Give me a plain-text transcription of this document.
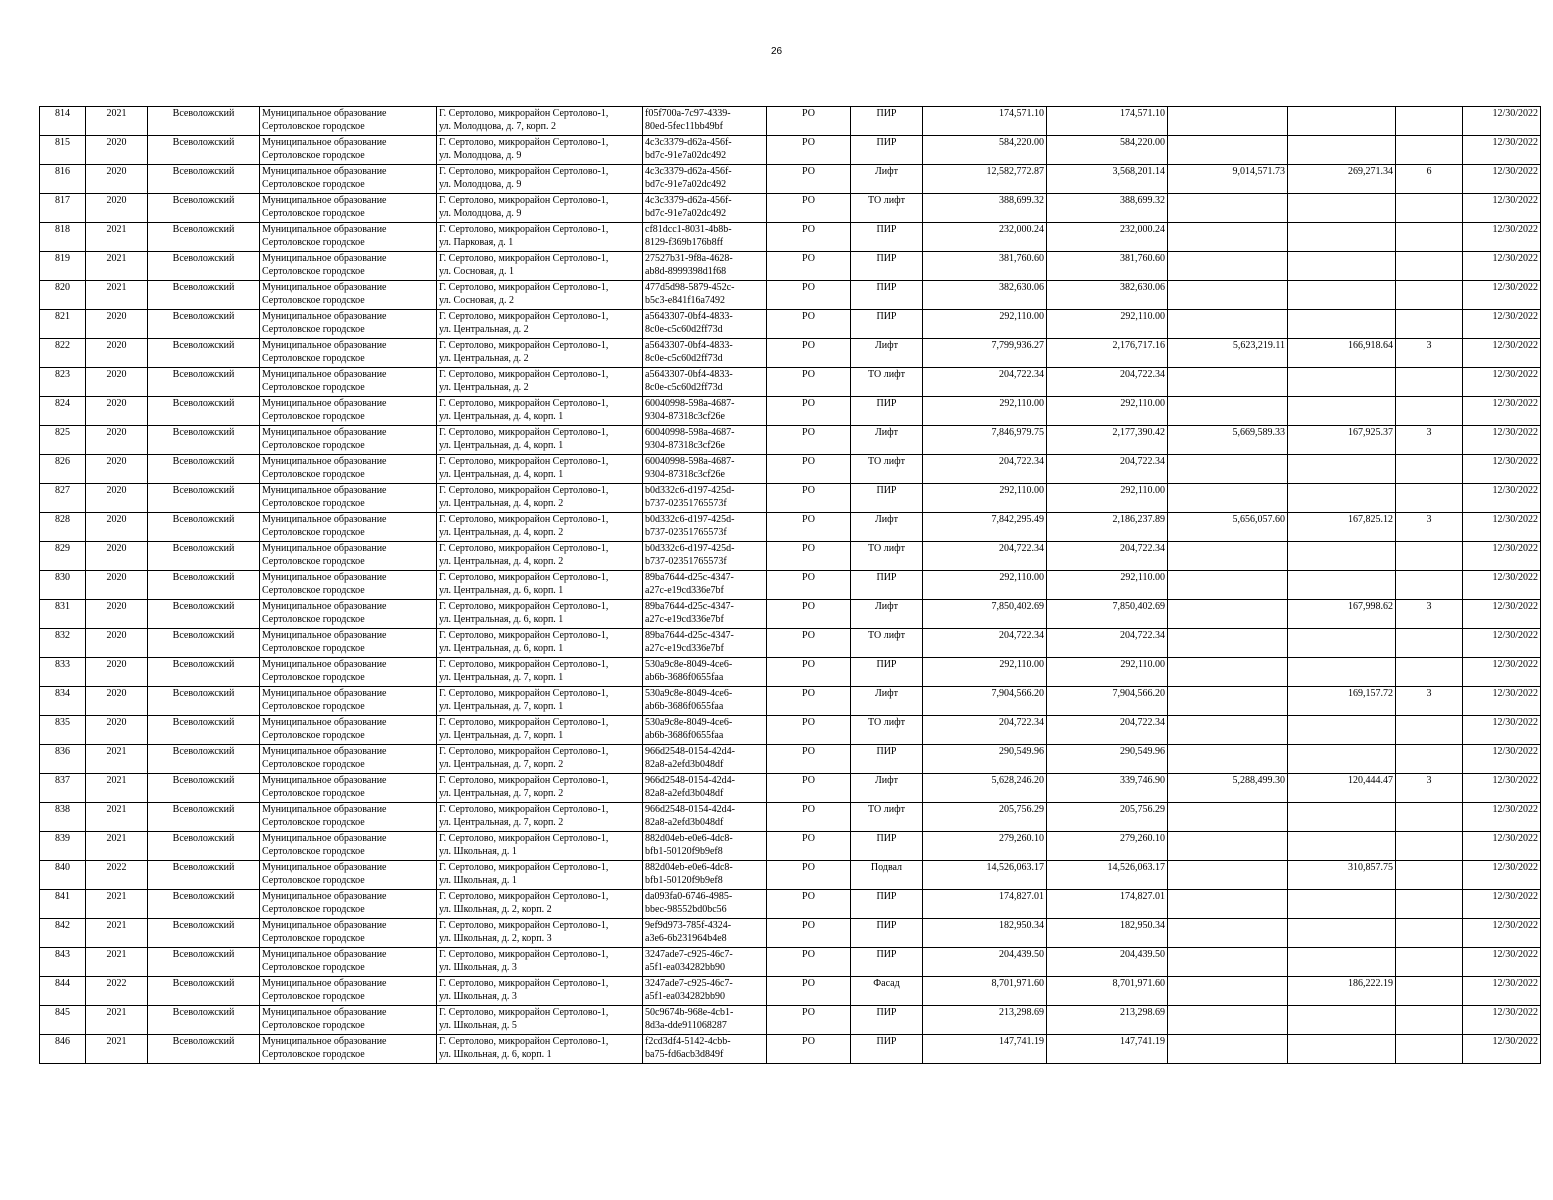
26
814	2021	Всеволожский	Муниципальное образование
Сертоловское городское	Г. Сертолово, микрорайон Сертолово-1,
ул. Молодцова, д. 7, корп. 2	f05f700a-7c97-4339-
80ed-5fec11bb49bf	РО	ПИР	174,571.10	174,571.10				12/30/2022
815	2020	Всеволожский	Муниципальное образование
Сертоловское городское	Г. Сертолово, микрорайон Сертолово-1,
ул. Молодцова, д. 9	4c3c3379-d62a-456f-
bd7c-91e7a02dc492	РО	ПИР	584,220.00	584,220.00				12/30/2022
816	2020	Всеволожский	Муниципальное образование
Сертоловское городское	Г. Сертолово, микрорайон Сертолово-1,
ул. Молодцова, д. 9	4c3c3379-d62a-456f-
bd7c-91e7a02dc492	РО	Лифт	12,582,772.87	3,568,201.14	9,014,571.73	269,271.34	6	12/30/2022
817	2020	Всеволожский	Муниципальное образование
Сертоловское городское	Г. Сертолово, микрорайон Сертолово-1,
ул. Молодцова, д. 9	4c3c3379-d62a-456f-
bd7c-91e7a02dc492	РО	ТО лифт	388,699.32	388,699.32				12/30/2022
818	2021	Всеволожский	Муниципальное образование
Сертоловское городское	Г. Сертолово, микрорайон Сертолово-1,
ул. Парковая, д. 1	cf81dcc1-8031-4b8b-
8129-f369b176b8ff	РО	ПИР	232,000.24	232,000.24				12/30/2022
819	2021	Всеволожский	Муниципальное образование
Сертоловское городское	Г. Сертолово, микрорайон Сертолово-1,
ул. Сосновая, д. 1	27527b31-9f8a-4628-
ab8d-8999398d1f68	РО	ПИР	381,760.60	381,760.60				12/30/2022
820	2021	Всеволожский	Муниципальное образование
Сертоловское городское	Г. Сертолово, микрорайон Сертолово-1,
ул. Сосновая, д. 2	477d5d98-5879-452c-
b5c3-e841f16a7492	РО	ПИР	382,630.06	382,630.06				12/30/2022
821	2020	Всеволожский	Муниципальное образование
Сертоловское городское	Г. Сертолово, микрорайон Сертолово-1,
ул. Центральная, д. 2	a5643307-0bf4-4833-
8c0e-c5c60d2ff73d	РО	ПИР	292,110.00	292,110.00				12/30/2022
822	2020	Всеволожский	Муниципальное образование
Сертоловское городское	Г. Сертолово, микрорайон Сертолово-1,
ул. Центральная, д. 2	a5643307-0bf4-4833-
8c0e-c5c60d2ff73d	РО	Лифт	7,799,936.27	2,176,717.16	5,623,219.11	166,918.64	3	12/30/2022
823	2020	Всеволожский	Муниципальное образование
Сертоловское городское	Г. Сертолово, микрорайон Сертолово-1,
ул. Центральная, д. 2	a5643307-0bf4-4833-
8c0e-c5c60d2ff73d	РО	ТО лифт	204,722.34	204,722.34				12/30/2022
824	2020	Всеволожский	Муниципальное образование
Сертоловское городское	Г. Сертолово, микрорайон Сертолово-1,
ул. Центральная, д. 4, корп. 1	60040998-598a-4687-
9304-87318c3cf26e	РО	ПИР	292,110.00	292,110.00				12/30/2022
825	2020	Всеволожский	Муниципальное образование
Сертоловское городское	Г. Сертолово, микрорайон Сертолово-1,
ул. Центральная, д. 4, корп. 1	60040998-598a-4687-
9304-87318c3cf26e	РО	Лифт	7,846,979.75	2,177,390.42	5,669,589.33	167,925.37	3	12/30/2022
826	2020	Всеволожский	Муниципальное образование
Сертоловское городское	Г. Сертолово, микрорайон Сертолово-1,
ул. Центральная, д. 4, корп. 1	60040998-598a-4687-
9304-87318c3cf26e	РО	ТО лифт	204,722.34	204,722.34				12/30/2022
827	2020	Всеволожский	Муниципальное образование
Сертоловское городское	Г. Сертолово, микрорайон Сертолово-1,
ул. Центральная, д. 4, корп. 2	b0d332c6-d197-425d-
b737-02351765573f	РО	ПИР	292,110.00	292,110.00				12/30/2022
828	2020	Всеволожский	Муниципальное образование
Сертоловское городское	Г. Сертолово, микрорайон Сертолово-1,
ул. Центральная, д. 4, корп. 2	b0d332c6-d197-425d-
b737-02351765573f	РО	Лифт	7,842,295.49	2,186,237.89	5,656,057.60	167,825.12	3	12/30/2022
829	2020	Всеволожский	Муниципальное образование
Сертоловское городское	Г. Сертолово, микрорайон Сертолово-1,
ул. Центральная, д. 4, корп. 2	b0d332c6-d197-425d-
b737-02351765573f	РО	ТО лифт	204,722.34	204,722.34				12/30/2022
830	2020	Всеволожский	Муниципальное образование
Сертоловское городское	Г. Сертолово, микрорайон Сертолово-1,
ул. Центральная, д. 6, корп. 1	89ba7644-d25c-4347-
a27c-e19cd336e7bf	РО	ПИР	292,110.00	292,110.00				12/30/2022
831	2020	Всеволожский	Муниципальное образование
Сертоловское городское	Г. Сертолово, микрорайон Сертолово-1,
ул. Центральная, д. 6, корп. 1	89ba7644-d25c-4347-
a27c-e19cd336e7bf	РО	Лифт	7,850,402.69	7,850,402.69		167,998.62	3	12/30/2022
832	2020	Всеволожский	Муниципальное образование
Сертоловское городское	Г. Сертолово, микрорайон Сертолово-1,
ул. Центральная, д. 6, корп. 1	89ba7644-d25c-4347-
a27c-e19cd336e7bf	РО	ТО лифт	204,722.34	204,722.34				12/30/2022
833	2020	Всеволожский	Муниципальное образование
Сертоловское городское	Г. Сертолово, микрорайон Сертолово-1,
ул. Центральная, д. 7, корп. 1	530a9c8e-8049-4ce6-
ab6b-3686f0655faa	РО	ПИР	292,110.00	292,110.00				12/30/2022
834	2020	Всеволожский	Муниципальное образование
Сертоловское городское	Г. Сертолово, микрорайон Сертолово-1,
ул. Центральная, д. 7, корп. 1	530a9c8e-8049-4ce6-
ab6b-3686f0655faa	РО	Лифт	7,904,566.20	7,904,566.20		169,157.72	3	12/30/2022
835	2020	Всеволожский	Муниципальное образование
Сертоловское городское	Г. Сертолово, микрорайон Сертолово-1,
ул. Центральная, д. 7, корп. 1	530a9c8e-8049-4ce6-
ab6b-3686f0655faa	РО	ТО лифт	204,722.34	204,722.34				12/30/2022
836	2021	Всеволожский	Муниципальное образование
Сертоловское городское	Г. Сертолово, микрорайон Сертолово-1,
ул. Центральная, д. 7, корп. 2	966d2548-0154-42d4-
82a8-a2efd3b048df	РО	ПИР	290,549.96	290,549.96				12/30/2022
837	2021	Всеволожский	Муниципальное образование
Сертоловское городское	Г. Сертолово, микрорайон Сертолово-1,
ул. Центральная, д. 7, корп. 2	966d2548-0154-42d4-
82a8-a2efd3b048df	РО	Лифт	5,628,246.20	339,746.90	5,288,499.30	120,444.47	3	12/30/2022
838	2021	Всеволожский	Муниципальное образование
Сертоловское городское	Г. Сертолово, микрорайон Сертолово-1,
ул. Центральная, д. 7, корп. 2	966d2548-0154-42d4-
82a8-a2efd3b048df	РО	ТО лифт	205,756.29	205,756.29				12/30/2022
839	2021	Всеволожский	Муниципальное образование
Сертоловское городское	Г. Сертолово, микрорайон Сертолово-1,
ул. Школьная, д. 1	882d04eb-e0e6-4dc8-
bfb1-50120f9b9ef8	РО	ПИР	279,260.10	279,260.10				12/30/2022
840	2022	Всеволожский	Муниципальное образование
Сертоловское городское	Г. Сертолово, микрорайон Сертолово-1,
ул. Школьная, д. 1	882d04eb-e0e6-4dc8-
bfb1-50120f9b9ef8	РО	Подвал	14,526,063.17	14,526,063.17		310,857.75		12/30/2022
841	2021	Всеволожский	Муниципальное образование
Сертоловское городское	Г. Сертолово, микрорайон Сертолово-1,
ул. Школьная, д. 2, корп. 2	da093fa0-6746-4985-
bbec-98552bd0bc56	РО	ПИР	174,827.01	174,827.01				12/30/2022
842	2021	Всеволожский	Муниципальное образование
Сертоловское городское	Г. Сертолово, микрорайон Сертолово-1,
ул. Школьная, д. 2, корп. 3	9ef9d973-785f-4324-
a3e6-6b231964b4e8	РО	ПИР	182,950.34	182,950.34				12/30/2022
843	2021	Всеволожский	Муниципальное образование
Сертоловское городское	Г. Сертолово, микрорайон Сертолово-1,
ул. Школьная, д. 3	3247ade7-c925-46c7-
a5f1-ea034282bb90	РО	ПИР	204,439.50	204,439.50				12/30/2022
844	2022	Всеволожский	Муниципальное образование
Сертоловское городское	Г. Сертолово, микрорайон Сертолово-1,
ул. Школьная, д. 3	3247ade7-c925-46c7-
a5f1-ea034282bb90	РО	Фасад	8,701,971.60	8,701,971.60		186,222.19		12/30/2022
845	2021	Всеволожский	Муниципальное образование
Сертоловское городское	Г. Сертолово, микрорайон Сертолово-1,
ул. Школьная, д. 5	50c9674b-968e-4cb1-
8d3a-dde911068287	РО	ПИР	213,298.69	213,298.69				12/30/2022
846	2021	Всеволожский	Муниципальное образование
Сертоловское городское	Г. Сертолово, микрорайон Сертолово-1,
ул. Школьная, д. 6, корп. 1	f2cd3df4-5142-4cbb-
ba75-fd6acb3d849f	РО	ПИР	147,741.19	147,741.19				12/30/2022
